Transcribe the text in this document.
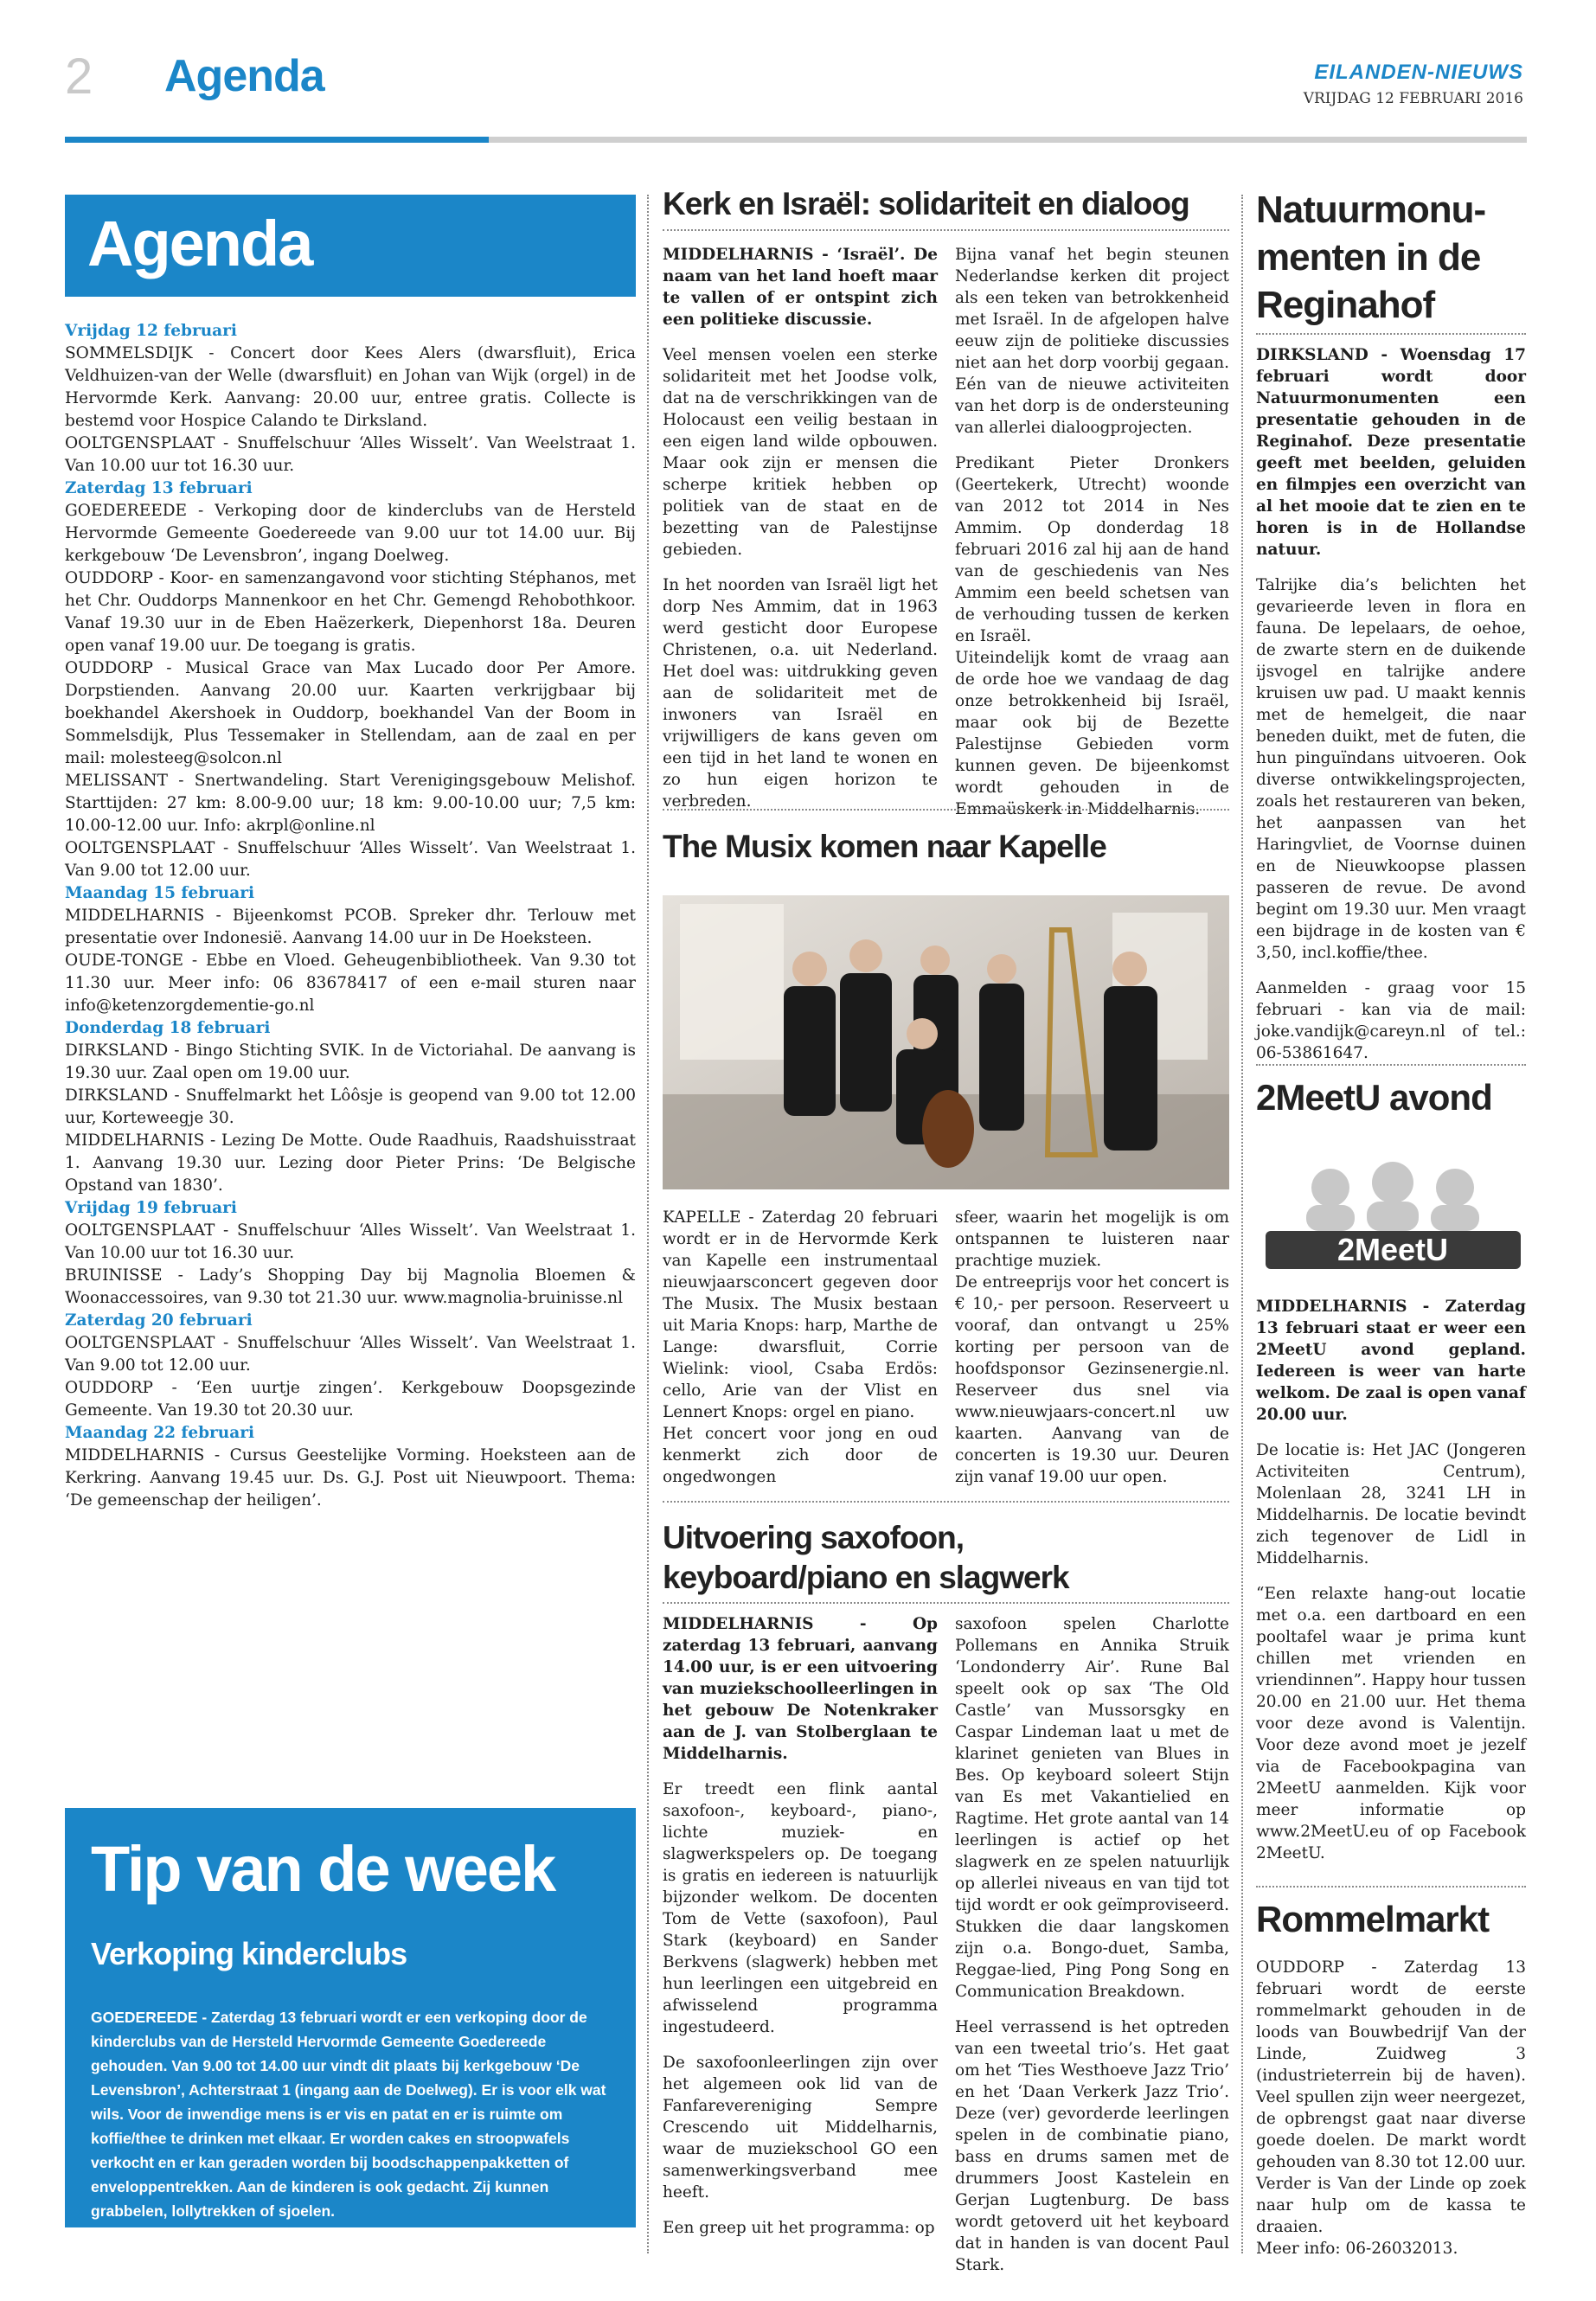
2 Agenda	EILANDEN-NIEUWS
VRIJDAG 12 FEBRUARI 2016
Agenda

Vrijdag 12 februari

SOMMELSDIJK - Concert door Kees Alers (dwarsfluit), Erica Veldhuizen-van der Welle (dwarsfluit) en Johan van Wijk (orgel) in de Hervormde Kerk. Aanvang: 20.00 uur, entree gratis. Collecte is bestemd voor Hospice Calando te Dirksland.

OOLTGENSPLAAT - Snuffelschuur ‘Alles Wisselt’. Van Weelstraat 1. Van 10.00 uur tot 16.30 uur.

Zaterdag 13 februari

GOEDEREEDE - Verkoping door de kinderclubs van de Hersteld Hervormde Gemeente Goedereede van 9.00 uur tot 14.00 uur. Bij kerkgebouw ‘De Levensbron’, ingang Doelweg.

OUDDORP - Koor- en samenzangavond voor stichting Stéphanos, met het Chr. Ouddorps Mannenkoor en het Chr. Gemengd Rehobothkoor. Vanaf 19.30 uur in de Eben Haëzerkerk, Diepenhorst 18a. Deuren open vanaf 19.00 uur. De toegang is gratis.

OUDDORP - Musical Grace van Max Lucado door Per Amore. Dorpstienden. Aanvang 20.00 uur. Kaarten verkrijgbaar bij boekhandel Akershoek in Ouddorp, boekhandel Van der Boom in Sommelsdijk, Plus Tessemaker in Stellendam, aan de zaal en per mail: molesteeg@solcon.nl

MELISSANT - Snertwandeling. Start Verenigingsgebouw Melishof. Starttijden: 27 km: 8.00-9.00 uur; 18 km: 9.00-10.00 uur; 7,5 km: 10.00-12.00 uur. Info: akrpl@online.nl

OOLTGENSPLAAT - Snuffelschuur ‘Alles Wisselt’. Van Weelstraat 1. Van 9.00 tot 12.00 uur.

Maandag 15 februari

MIDDELHARNIS - Bijeenkomst PCOB. Spreker dhr. Terlouw met presentatie over Indonesië. Aanvang 14.00 uur in De Hoeksteen.

OUDE-TONGE - Ebbe en Vloed. Geheugenbibliotheek. Van 9.30 tot 11.30 uur. Meer info: 06 83678417 of een e-mail sturen naar info@ketenzorgdementie-go.nl

Donderdag 18 februari

DIRKSLAND - Bingo Stichting SVIK. In de Victoriahal. De aanvang is 19.30 uur. Zaal open om 19.00 uur.

DIRKSLAND - Snuffelmarkt het Lôôsje is geopend van 9.00 tot 12.00 uur, Korteweegje 30.

MIDDELHARNIS - Lezing De Motte. Oude Raadhuis, Raadshuisstraat 1. Aanvang 19.30 uur. Lezing door Pieter Prins: ‘De Belgische Opstand van 1830’.

Vrijdag 19 februari

OOLTGENSPLAAT - Snuffelschuur ‘Alles Wisselt’. Van Weelstraat 1. Van 10.00 uur tot 16.30 uur.

BRUINISSE - Lady’s Shopping Day bij Magnolia Bloemen & Woonaccessoires, van 9.30 tot 21.30 uur. www.magnolia-bruinisse.nl

Zaterdag 20 februari

OOLTGENSPLAAT - Snuffelschuur ‘Alles Wisselt’. Van Weelstraat 1. Van 9.00 tot 12.00 uur.

OUDDORP - ‘Een uurtje zingen’. Kerkgebouw Doopsgezinde Gemeente. Van 19.30 tot 20.30 uur.

Maandag 22 februari

MIDDELHARNIS - Cursus Geestelijke Vorming. Hoeksteen aan de Kerkring. Aanvang 19.45 uur. Ds. G.J. Post uit Nieuwpoort. Thema: ‘De gemeenschap der heiligen’.

Tip van de week
Verkoping kinderclubs

GOEDEREEDE - Zaterdag 13 februari wordt er een verkoping door de kinderclubs van de Hersteld Hervormde Gemeente Goedereede gehouden. Van 9.00 tot 14.00 uur vindt dit plaats bij kerkgebouw ‘De Levensbron’, Achterstraat 1 (ingang aan de Doelweg). Er is voor elk wat wils. Voor de inwendige mens is er vis en patat en er is ruimte om koffie/thee te drinken met elkaar. Er worden cakes en stroopwafels verkocht en er kan geraden worden bij boodschappenpakketten of enveloppentrekken. Aan de kinderen is ook gedacht. Zij kunnen grabbelen, lollytrekken of sjoelen.

Kerk en Israël: solidariteit en dialoog

MIDDELHARNIS - ‘Israël’. De naam van het land hoeft maar te vallen of er ontspint zich een politieke discussie.

Veel mensen voelen een sterke solidariteit met het Joodse volk, dat na de verschrikkingen van de Holocaust een veilig bestaan in een eigen land wilde opbouwen. Maar ook zijn er mensen die scherpe kritiek hebben op politiek van de staat en de bezetting van de Palestijnse gebieden.

In het noorden van Israël ligt het dorp Nes Ammim, dat in 1963 werd gesticht door Europese Christenen, o.a. uit Nederland. Het doel was: uitdrukking geven aan de solidariteit met de inwoners van Israël en vrijwilligers de kans geven om een tijd in het land te wonen en zo hun eigen horizon te verbreden.

Bijna vanaf het begin steunen Nederlandse kerken dit project als een teken van betrokkenheid met Israël. In de afgelopen halve eeuw zijn de politieke discussies niet aan het dorp voorbij gegaan. Eén van de nieuwe activiteiten van het dorp is de ondersteuning van allerlei dialoogprojecten.

Predikant Pieter Dronkers (Geertekerk, Utrecht) woonde van 2012 tot 2014 in Nes Ammim. Op donderdag 18 februari 2016 zal hij aan de hand van de geschiedenis van Nes Ammim een beeld schetsen van de verhouding tussen de kerken en Israël.

Uiteindelijk komt de vraag aan de orde hoe we vandaag de dag onze betrokkenheid bij Israël, maar ook bij de Bezette Palestijnse Gebieden vorm kunnen geven. De bijeenkomst wordt gehouden in de Emmaüskerk in Middelharnis.

The Musix komen naar Kapelle

KAPELLE - Zaterdag 20 februari wordt er in de Hervormde Kerk van Kapelle een instrumentaal nieuwjaarsconcert gegeven door The Musix. The Musix bestaan uit Maria Knops: harp, Marthe de Lange: dwarsfluit, Corrie Wielink: viool, Csaba Erdös: cello, Arie van der Vlist en Lennert Knops: orgel en piano.

Het concert voor jong en oud kenmerkt zich door de ongedwongen

sfeer, waarin het mogelijk is om ontspannen te luisteren naar prachtige muziek.

De entreeprijs voor het concert is € 10,- per persoon. Reserveert u vooraf, dan ontvangt u 25% korting per persoon van de hoofdsponsor Gezinsenergie.nl. Reserveer dus snel via www.nieuwjaars-concert.nl uw kaarten. Aanvang van de concerten is 19.30 uur. Deuren zijn vanaf 19.00 uur open.

Uitvoering saxofoon,
keyboard/piano en slagwerk

MIDDELHARNIS - Op zaterdag 13 februari, aanvang 14.00 uur, is er een uitvoering van muziekschoolleerlingen in het gebouw De Notenkraker aan de J. van Stolberglaan te Middelharnis.

Er treedt een flink aantal saxofoon-, keyboard-, piano-, lichte muziek- en slagwerkspelers op. De toegang is gratis en iedereen is natuurlijk bijzonder welkom. De docenten Tom de Vette (saxofoon), Paul Stark (keyboard) en Sander Berkvens (slagwerk) hebben met hun leerlingen een uitgebreid en afwisselend programma ingestudeerd.

De saxofoonleerlingen zijn over het algemeen ook lid van de Fanfarevereniging Sempre Crescendo uit Middelharnis, waar de muziekschool GO een samenwerkingsverband mee heeft.

Een greep uit het programma: op

saxofoon spelen Charlotte Pollemans en Annika Struik ‘Londonderry Air’. Rune Bal speelt ook op sax ‘The Old Castle’ van Mussorsgky en Caspar Lindeman laat u met de klarinet genieten van Blues in Bes. Op keyboard soleert Stijn van Es met Vakantielied en Ragtime. Het grote aantal van 14 leerlingen is actief op het slagwerk en ze spelen natuurlijk op allerlei niveaus en van tijd tot tijd wordt er ook geïmproviseerd. Stukken die daar langskomen zijn o.a. Bongo-duet, Samba, Reggae-lied, Ping Pong Song en Communication Breakdown.

Heel verrassend is het optreden van een tweetal trio’s. Het gaat om het ‘Ties Westhoeve Jazz Trio’ en het ‘Daan Verkerk Jazz Trio’. Deze (ver) gevorderde leerlingen spelen in de combinatie piano, bass en drums samen met de drummers Joost Kastelein en Gerjan Lugtenburg. De bass wordt getoverd uit het keyboard dat in handen is van docent Paul Stark.

Natuurmonu-
menten in de
Reginahof

DIRKSLAND - Woensdag 17 februari wordt door Natuurmonumenten een presentatie gehouden in de Reginahof. Deze presentatie geeft met beelden, geluiden en filmpjes een overzicht van al het mooie dat te zien en te horen is in de Hollandse natuur.

Talrijke dia’s belichten het gevarieerde leven in flora en fauna. De lepelaars, de oehoe, de zwarte stern en de duikende ijsvogel en talrijke andere kruisen uw pad. U maakt kennis met de hemelgeit, die naar beneden duikt, met de futen, die hun pinguïndans uitvoeren. Ook diverse ontwikkelingsprojecten, zoals het restaureren van beken, het aanpassen van het Haringvliet, de Voornse duinen en de Nieuwkoopse plassen passeren de revue. De avond begint om 19.30 uur. Men vraagt een bijdrage in de kosten van € 3,50, incl.koffie/thee.

Aanmelden - graag voor 15 februari - kan via de mail: joke.vandijk@careyn.nl of tel.: 06-53861647.

2MeetU avond
2MeetU

MIDDELHARNIS - Zaterdag 13 februari staat er weer een 2MeetU avond gepland. Iedereen is weer van harte welkom. De zaal is open vanaf 20.00 uur.

De locatie is: Het JAC (Jongeren Activiteiten Centrum), Molenlaan 28, 3241 LH in Middelharnis. De locatie bevindt zich tegenover de Lidl in Middelharnis.

“Een relaxte hang-out locatie met o.a. een dartboard en een pooltafel waar je prima kunt chillen met vrienden en vriendinnen”. Happy hour tussen 20.00 en 21.00 uur. Het thema voor deze avond is Valentijn. Voor deze avond moet je jezelf via de Facebookpagina van 2MeetU aanmelden. Kijk voor meer informatie op www.2MeetU.eu of op Facebook 2MeetU.

Rommelmarkt

OUDDORP - Zaterdag 13 februari wordt de eerste rommelmarkt gehouden in de loods van Bouwbedrijf Van der Linde, Zuidweg 3 (industrieterrein bij de haven). Veel spullen zijn weer neergezet, de opbrengst gaat naar diverse goede doelen. De markt wordt gehouden van 8.30 tot 12.00 uur. Verder is Van der Linde op zoek naar hulp om de kassa te draaien.

Meer info: 06-26032013.
